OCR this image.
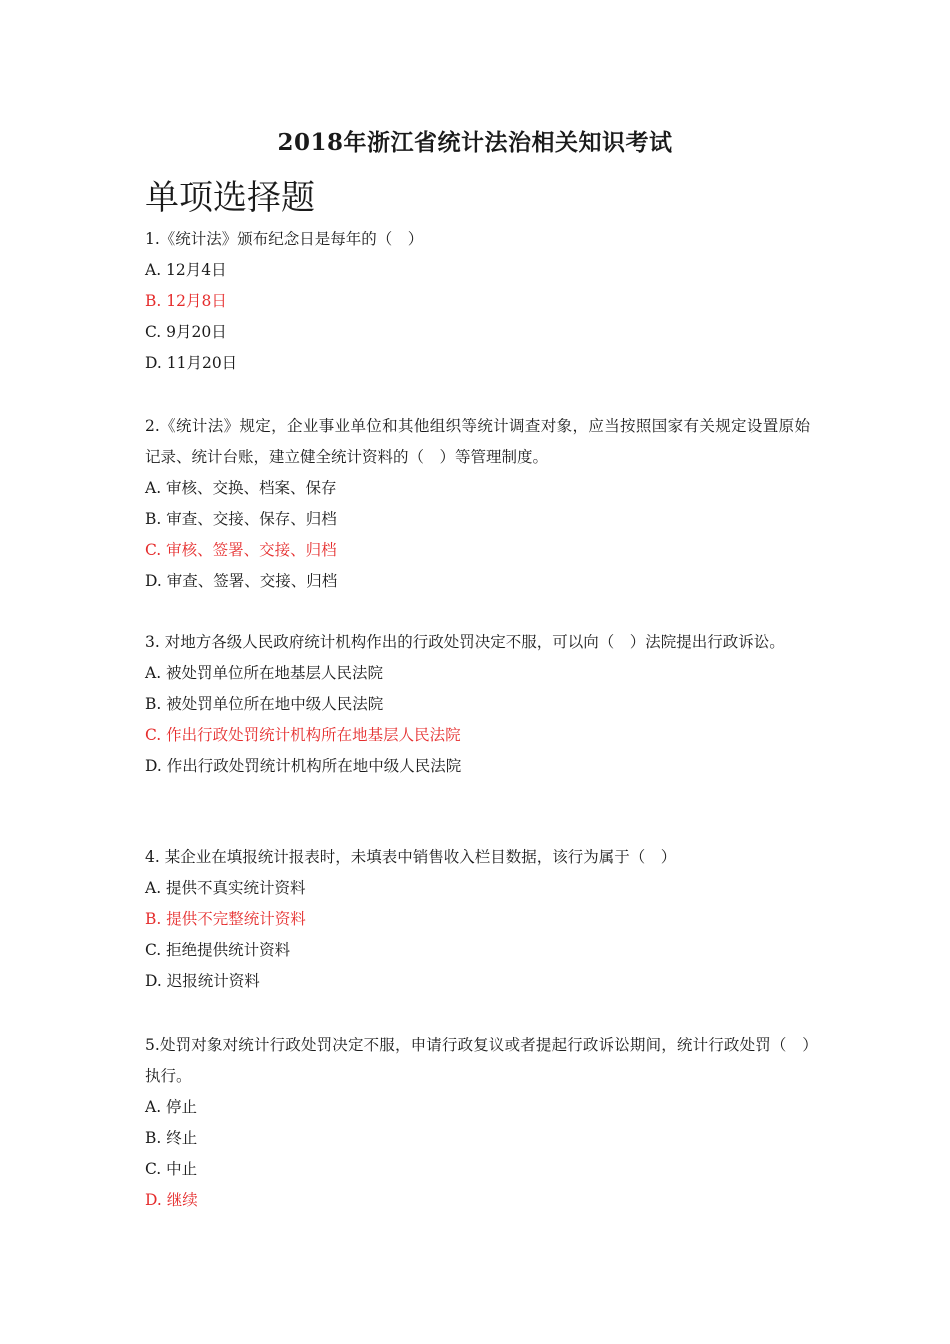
2018年浙江省统计法治相关知识考试
单项选择题

1.《统计法》颁布纪念日是每年的（　）

A. 12月4日

B. 12月8日

C. 9月20日

D. 11月20日

2.《统计法》规定，企业事业单位和其他组织等统计调查对象，应当按照国家有关规定设置原始记录、统计台账，建立健全统计资料的（　）等管理制度。

A. 审核、交换、档案、保存

B. 审查、交接、保存、归档

C. 审核、签署、交接、归档

D. 审查、签署、交接、归档

3. 对地方各级人民政府统计机构作出的行政处罚决定不服，可以向（　）法院提出行政诉讼。

A. 被处罚单位所在地基层人民法院

B. 被处罚单位所在地中级人民法院

C. 作出行政处罚统计机构所在地基层人民法院

D. 作出行政处罚统计机构所在地中级人民法院

4. 某企业在填报统计报表时，未填表中销售收入栏目数据，该行为属于（　）

A. 提供不真实统计资料

B. 提供不完整统计资料

C. 拒绝提供统计资料

D. 迟报统计资料

5.处罚对象对统计行政处罚决定不服，申请行政复议或者提起行政诉讼期间，统计行政处罚（　）执行。

A. 停止

B. 终止

C. 中止

D. 继续
